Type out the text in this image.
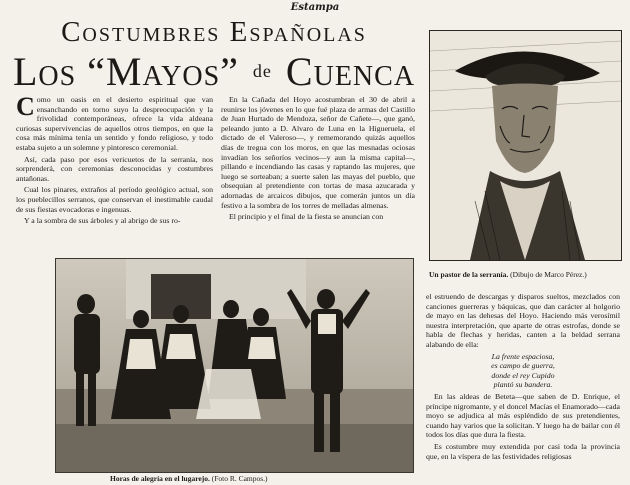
Estampa
Costumbres Españolas
Los “Mayos” $^{de}$ Cuenca

Como un oasis en el desierto espiritual que van ensanchando en torno suyo la despreocupación y la frivolidad contemporáneas, ofrece la vida aldeana curiosas supervivencias de aquellos otros tiempos, en que la cosa más mínima tenía un sentido y fondo religioso, y todo estaba sujeto a un solemne y pintoresco ceremonial.

Así, cada paso por esos vericuetos de la serranía, nos sorprenderá, con ceremonias desconocidas y costumbres antañonas.

Cual los pinares, extraños al período geológico actual, son los pueblecillos serranos, que conservan el inestimable caudal de sus fiestas evocadoras e ingenuas.

Y a la sombra de sus árboles y al abrigo de sus ro-

En la Cañada del Hoyo acostumbran el 30 de abril a reunirse los jóvenes en lo que fué plaza de armas del Castillo de Juan Hurtado de Mendoza, señor de Cañete—, que ganó, peleando junto a D. Alvaro de Luna en la Higueruela, el dictado de el Valeroso—, y rememorando quizás aquellos días de tregua con los moros, en que las mesnadas ociosas invadían los señoríos vecinos—y aun la misma capital—, pillando e incendiando las casas y raptando las mujeres, que luego se sorteaban; a suerte salen las mayas del pueblo, que obsequian al pretendiente con tortas de masa azucarada y adornadas de arcaicos dibujos, que comerán juntos un día festivo a la sombra de los torres de melladas almenas.

El principio y el final de la fiesta se anuncian con

Horas de alegría en el lugarejo. (Foto R. Campos.)
Un pastor de la serranía. (Dibujo de Marco Pérez.)

el estruendo de descargas y disparos sueltos, mezclados con canciones guerreras y báquicas, que dan carácter al holgorio de mayo en las dehesas del Hoyo. Haciendo más verosímil nuestra interpretación, que aparte de otras estrofas, donde se habla de flechas y heridas, canten a la beldad serrana alabando de ella:

La frente espaciosa,
es campo de guerra,
donde el rey Cupido
plantó su bandera.

En las aldeas de Beteta—que saben de D. Enrique, el príncipe nigromante, y el doncel Macías el Enamorado—cada moyo se adjudica al más espléndido de sus pretendientes, cuando hay varios que la solicitan. Y luego ha de bailar con él todos los días que dura la fiesta.

Es costumbre muy extendida por casi toda la provincia que, en la víspera de las festividades religiosas
